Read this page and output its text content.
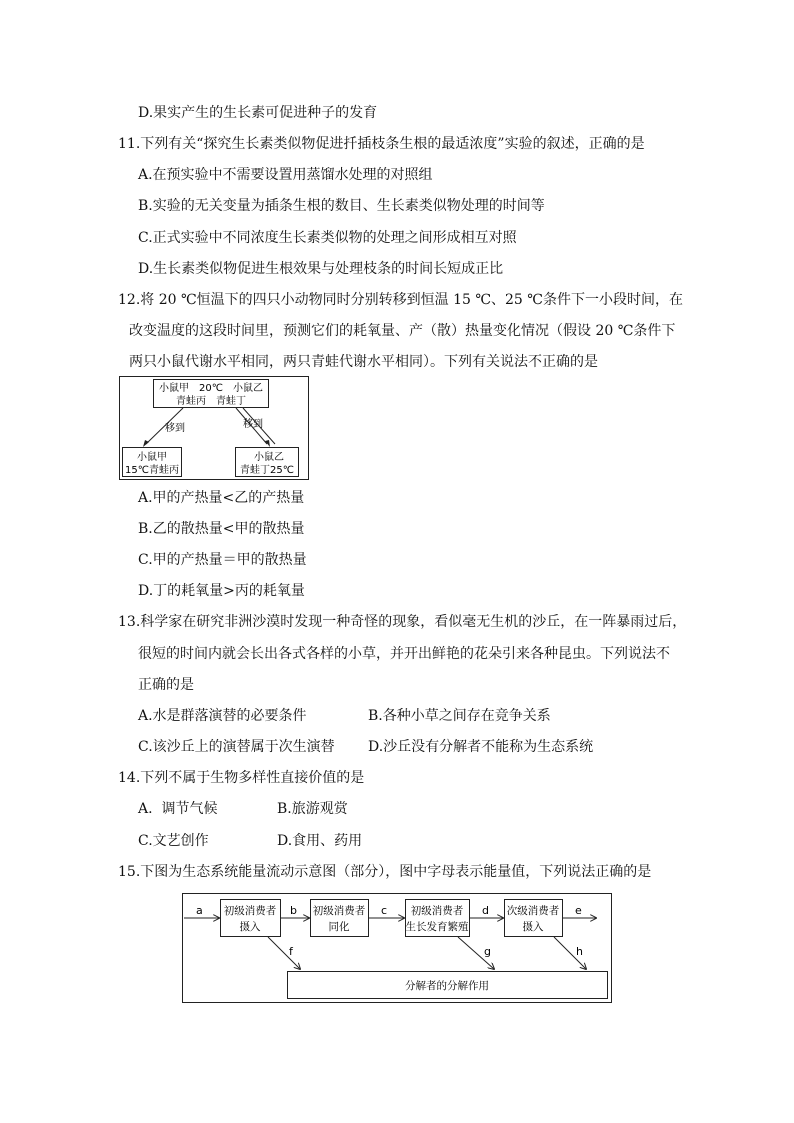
D.果实产生的生长素可促进种子的发育
11.下列有关“探究生长素类似物促进扦插枝条生根的最适浓度”实验的叙述，正确的是
A.在预实验中不需要设置用蒸馏水处理的对照组
B.实验的无关变量为插条生根的数目、生长素类似物处理的时间等
C.正式实验中不同浓度生长素类似物的处理之间形成相互对照
D.生长素类似物促进生根效果与处理枝条的时间长短成正比
12.将 20 ℃恒温下的四只小动物同时分别转移到恒温 15 ℃、25 ℃条件下一小段时间，在
改变温度的这段时间里，预测它们的耗氧量、产（散）热量变化情况（假设 20 ℃条件下
两只小鼠代谢水平相同，两只青蛙代谢水平相同）。下列有关说法不正确的是
小鼠甲　20℃　小鼠乙
青蛙丙　青蛙丁
移到	移到
小鼠甲
15℃青蛙丙
小鼠乙
青蛙丁25℃
A.甲的产热量<乙的产热量
B.乙的散热量<甲的散热量
C.甲的产热量＝甲的散热量
D.丁的耗氧量>丙的耗氧量
13.科学家在研究非洲沙漠时发现一种奇怪的现象，看似毫无生机的沙丘，在一阵暴雨过后，
很短的时间内就会长出各式各样的小草，并开出鲜艳的花朵引来各种昆虫。下列说法不
正确的是
A.水是群落演替的必要条件	B.各种小草之间存在竞争关系
C.该沙丘上的演替属于次生演替 D.沙丘没有分解者不能称为生态系统
14.下列不属于生物多样性直接价值的是
A.  调节气候	B.旅游观赏
C.文艺创作	D.食用、药用
15.下图为生态系统能量流动示意图（部分），图中字母表示能量值，下列说法正确的是
初级消费者
摄入
初级消费者
同化
初级消费者
生长发育繁殖
次级消费者
摄入
a	b	c	d	e
f	g	h
分解者的分解作用
